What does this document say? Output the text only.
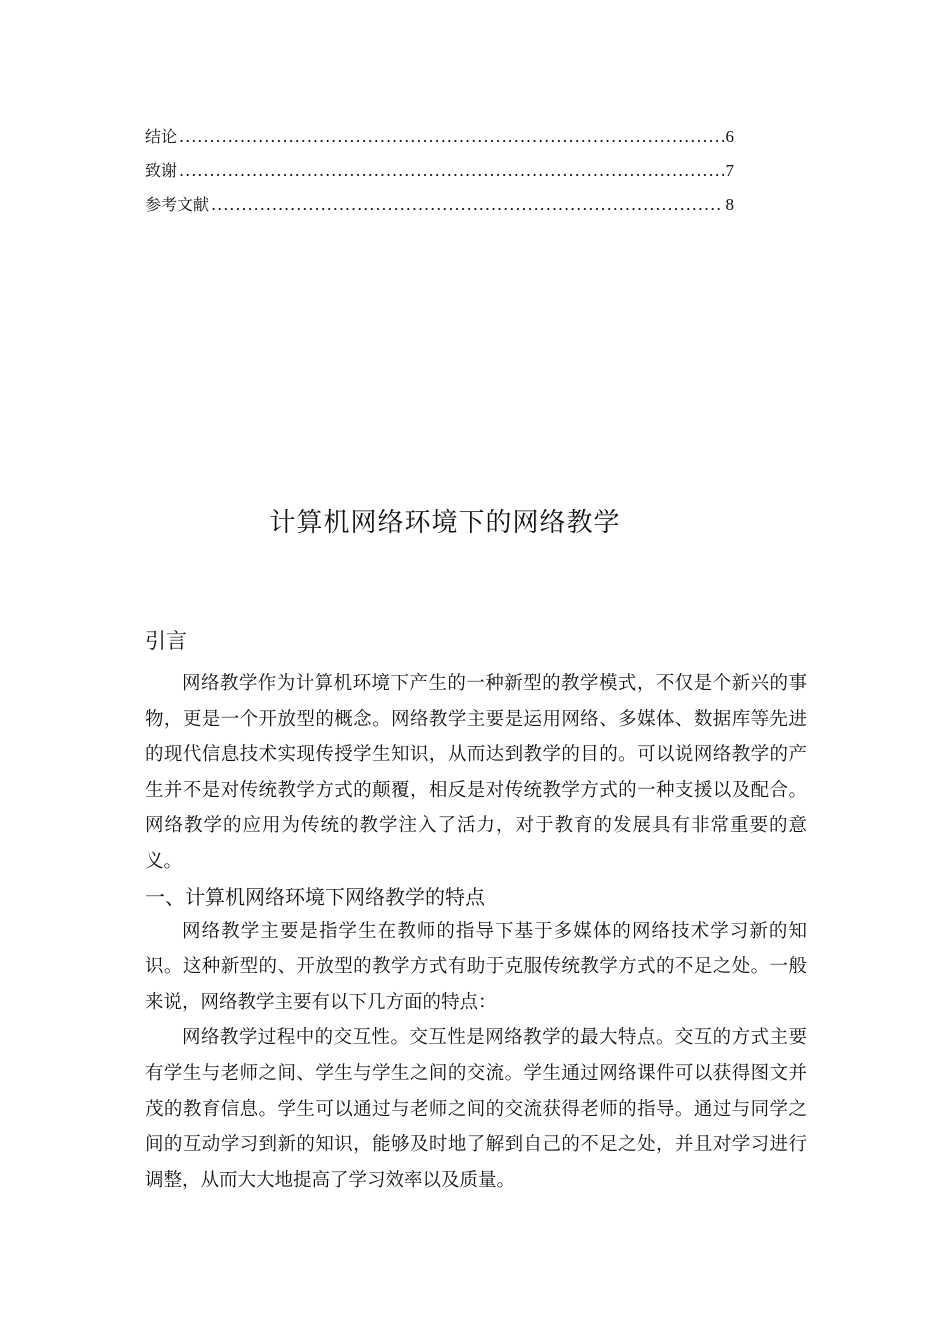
结论 .....	6
致谢 .....	7
参考文献 .....	8
计算机网络环境下的网络教学
引言

网络教学作为计算机环境下产生的一种新型的教学模式，不仅是个新兴的事物，更是一个开放型的概念。网络教学主要是运用网络、多媒体、数据库等先进的现代信息技术实现传授学生知识，从而达到教学的目的。可以说网络教学的产生并不是对传统教学方式的颠覆，相反是对传统教学方式的一种支援以及配合。网络教学的应用为传统的教学注入了活力，对于教育的发展具有非常重要的意义。

一、计算机网络环境下网络教学的特点

网络教学主要是指学生在教师的指导下基于多媒体的网络技术学习新的知识。这种新型的、开放型的教学方式有助于克服传统教学方式的不足之处。一般来说，网络教学主要有以下几方面的特点：

网络教学过程中的交互性。交互性是网络教学的最大特点。交互的方式主要有学生与老师之间、学生与学生之间的交流。学生通过网络课件可以获得图文并茂的教育信息。学生可以通过与老师之间的交流获得老师的指导。通过与同学之间的互动学习到新的知识，能够及时地了解到自己的不足之处，并且对学习进行调整，从而大大地提高了学习效率以及质量。
